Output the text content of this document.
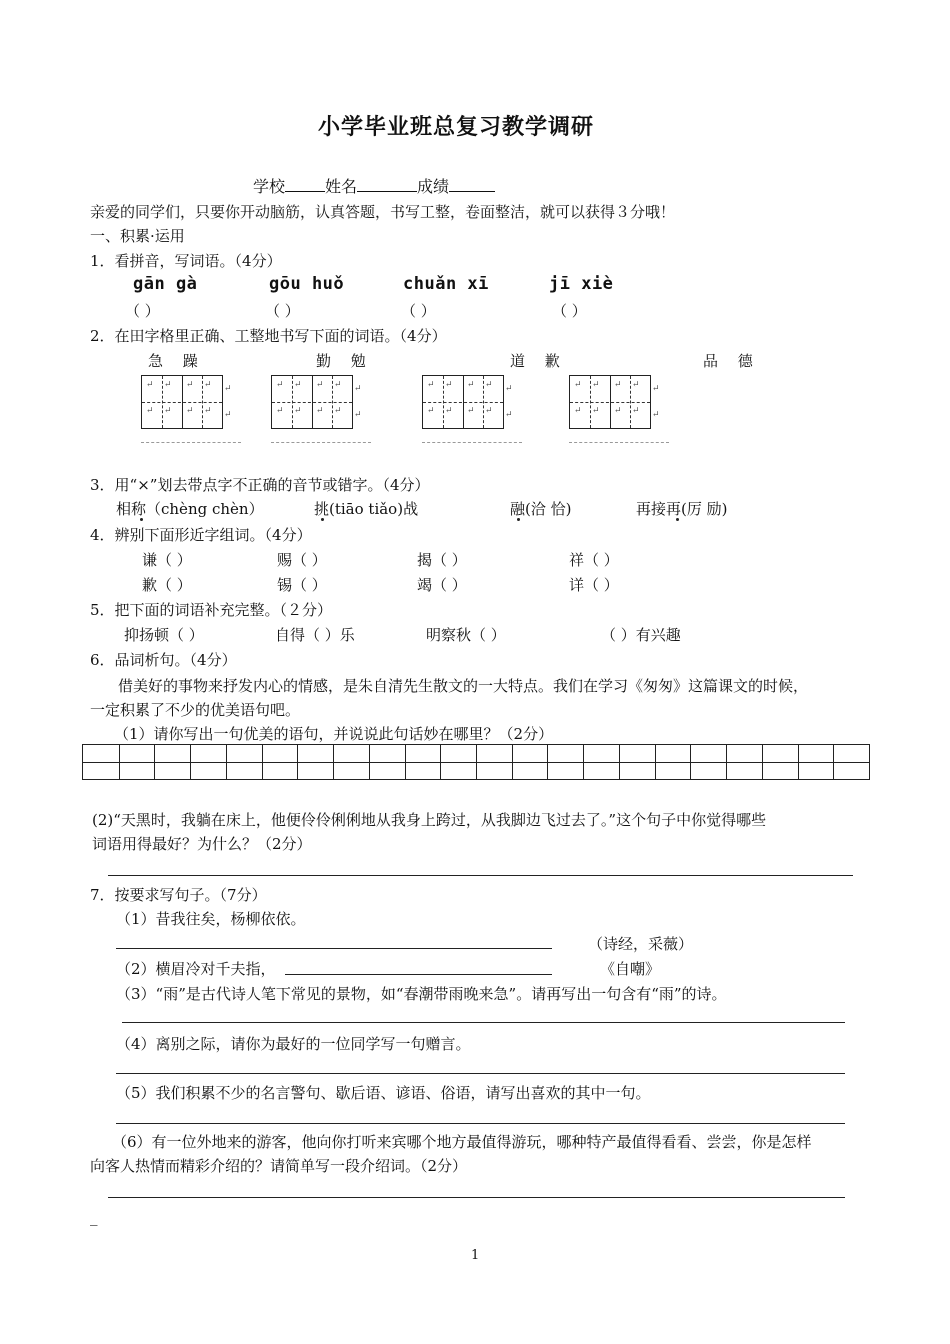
小学毕业班总复习教学调研
学校	姓名	成绩
亲爱的同学们，只要你开动脑筋，认真答题，书写工整，卷面整洁，就可以获得３分哦！
一、积累·运用
1．看拼音，写词语。（4分）
gān gà	gōu huǒ	chuǎn xī	jī xiè
（ ）	（ ）	（ ）	（ ）
2．在田字格里正确、工整地书写下面的词语。（4分）
急　 躁	勤　 勉	道　 歉	品　 德
↵ ↵ ↵ ↵
↵ ↵ ↵ ↵
↵
↵
↵ ↵ ↵ ↵
↵ ↵ ↵ ↵
↵
↵
↵ ↵ ↵ ↵
↵ ↵ ↵ ↵
↵
↵
↵ ↵ ↵ ↵
↵ ↵ ↵ ↵
↵
↵
3．用“×”划去带点字不正确的音节或错字。（4分）
相称（chèng chèn）	挑(tiāo tiǎo)战	融(洽 恰)	再接再(厉 励)
4．辨别下面形近字组词。（4分）
谦（ ）	赐（ ）	揭（ ）	祥（ ）
歉（ ）	锡（ ）	竭（ ）	详（ ）
5．把下面的词语补充完整。（２分）
抑扬顿（ ）	自得（ ）乐	明察秋（ ）	（ ）有兴趣
6．品词析句。（4分）
借美好的事物来抒发内心的情感，是朱自清先生散文的一大特点。我们在学习《匆匆》这篇课文的时候，
一定积累了不少的优美语句吧。
（1）请你写出一句优美的语句，并说说此句话妙在哪里？（2分）
(2)“天黑时，我躺在床上，他便伶伶俐俐地从我身上跨过，从我脚边飞过去了。”这个句子中你觉得哪些
词语用得最好？为什么？（2分）
7．按要求写句子。（7分）
（1）昔我往矣，杨柳依依。
（诗经，采薇）
（2）横眉冷对千夫指，	《自嘲》
（3）“雨”是古代诗人笔下常见的景物，如“春潮带雨晚来急”。请再写出一句含有“雨”的诗。
（4）离别之际，请你为最好的一位同学写一句赠言。
（5）我们积累不少的名言警句、歇后语、谚语、俗语，请写出喜欢的其中一句。
（6）有一位外地来的游客，他向你打听来宾哪个地方最值得游玩，哪种特产最值得看看、尝尝，你是怎样
向客人热情而精彩介绍的？请简单写一段介绍词。（2分）
_
1
